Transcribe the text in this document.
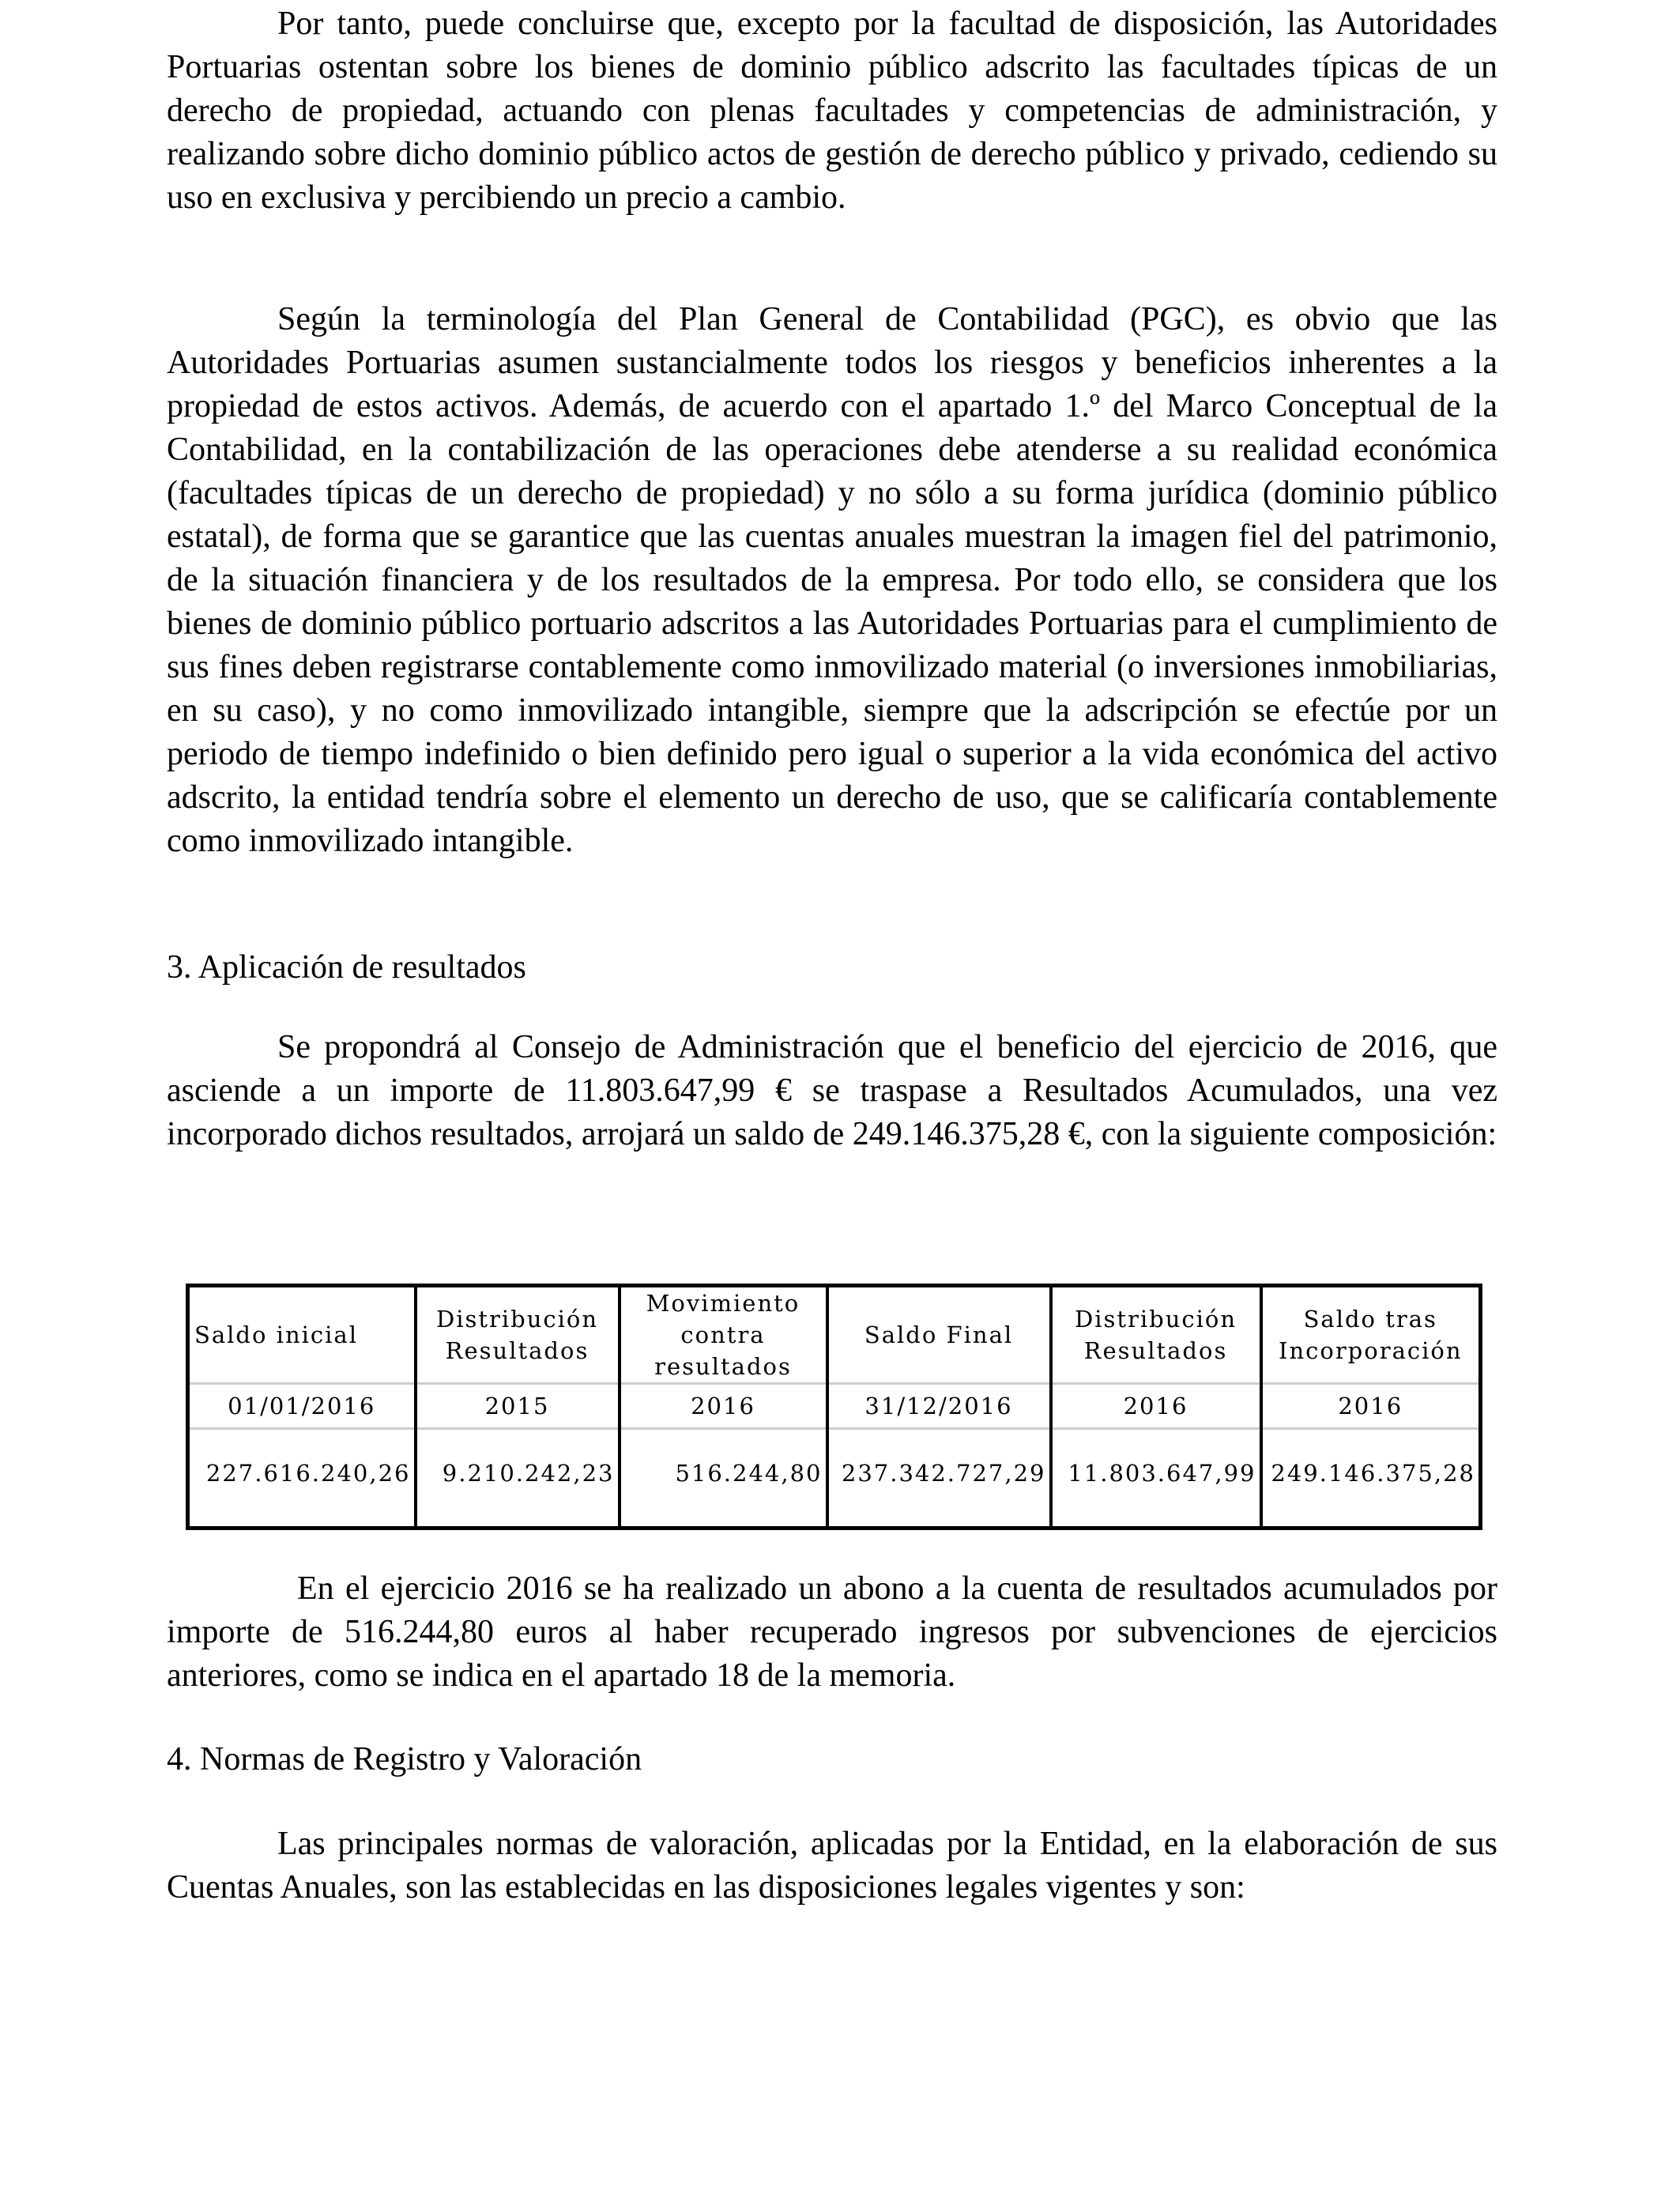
Por tanto, puede concluirse que, excepto por la facultad de disposición, las Autoridades Portuarias ostentan sobre los bienes de dominio público adscrito las facultades típicas de un derecho de propiedad, actuando con plenas facultades y competencias de administración, y realizando sobre dicho dominio público actos de gestión de derecho público y privado, cediendo su uso en exclusiva y percibiendo un precio a cambio.

Según la terminología del Plan General de Contabilidad (PGC), es obvio que las Autoridades Portuarias asumen sustancialmente todos los riesgos y beneficios inherentes a la propiedad de estos activos. Además, de acuerdo con el apartado 1.º del Marco Conceptual de la Contabilidad, en la contabilización de las operaciones debe atenderse a su realidad económica (facultades típicas de un derecho de propiedad) y no sólo a su forma jurídica (dominio público estatal), de forma que se garantice que las cuentas anuales muestran la imagen fiel del patrimonio, de la situación financiera y de los resultados de la empresa. Por todo ello, se considera que los bienes de dominio público portuario adscritos a las Autoridades Portuarias para el cumplimiento de sus fines deben registrarse contablemente como inmovilizado material (o inversiones inmobiliarias, en su caso), y no como inmovilizado intangible, siempre que la adscripción se efectúe por un periodo de tiempo indefinido o bien definido pero igual o superior a la vida económica del activo adscrito, la entidad tendría sobre el elemento un derecho de uso, que se calificaría contablemente como inmovilizado intangible.

3. Aplicación de resultados

Se propondrá al Consejo de Administración que el beneficio del ejercicio de 2016, que asciende a un importe de 11.803.647,99 € se traspase a Resultados Acumulados, una vez incorporado dichos resultados, arrojará un saldo de 249.146.375,28 €, con la siguiente composición:

En el ejercicio 2016 se ha realizado un abono a la cuenta de resultados acumulados por importe de 516.244,80 euros al haber recuperado ingresos por subvenciones de ejercicios anteriores, como se indica en el apartado 18 de la memoria.

4. Normas de Registro y Valoración

Las principales normas de valoración, aplicadas por la Entidad, en la elaboración de sus Cuentas Anuales, son las establecidas en las disposiciones legales vigentes y son:

Saldo inicial	Distribución Resultados	Movimiento contra resultados	Saldo Final	Distribución Resultados	Saldo tras Incorporación
01/01/2016	2015	2016	31/12/2016	2016	2016
227.616.240,26	9.210.242,23	516.244,80	237.342.727,29	11.803.647,99	249.146.375,28
